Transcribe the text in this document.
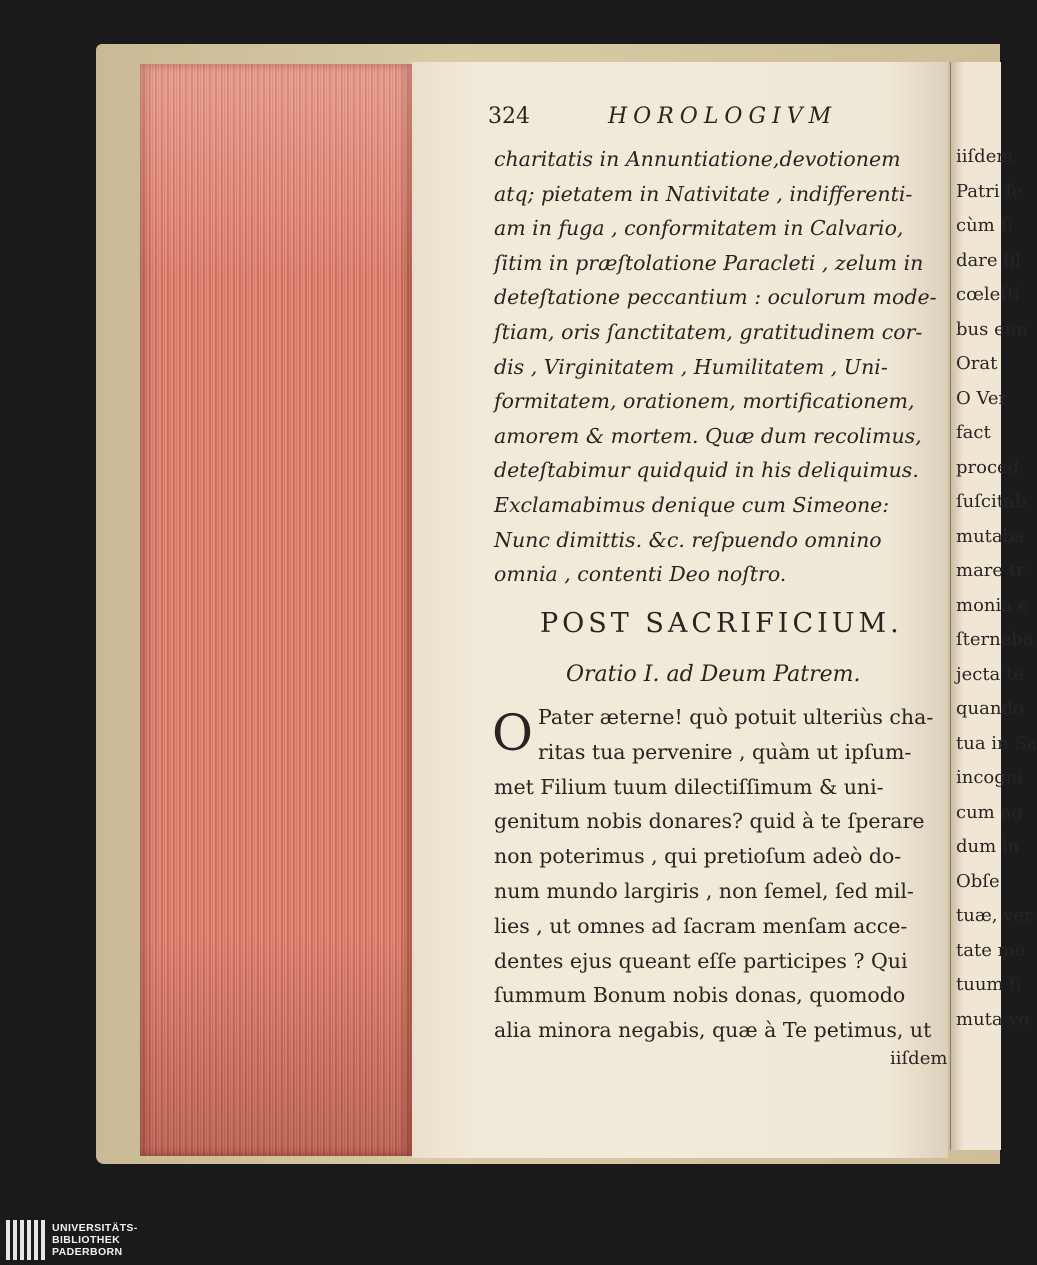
324	HOROLOGIVM
charitatis in Annuntiatione,devotionem
atq; pietatem in Nativitate , indifferenti-
am in fuga , conformitatem in Calvario,
ſitim in præſtolatione Paracleti , zelum in
deteſtatione peccantium : oculorum mode-
ſtiam, oris ſanctitatem, gratitudinem cor-
dis , Virginitatem , Humilitatem , Uni-
formitatem, orationem, mortificationem,
amorem & mortem. Quæ dum recolimus,
deteſtabimur quidquid in his deliquimus.
Exclamabimus denique cum Simeone:
Nunc dimittis. &c. reſpuendo omnino
omnia , contenti Deo noſtro.
POST SACRIFICIUM.
Oratio I. ad Deum Patrem.
O Pater æterne! quò potuit ulteriùs cha-
ritas tua pervenire , quàm ut ipſum-
met Filium tuum dilectiſſimum & uni-
genitum nobis donares? quid à te ſperare
non poterimus , qui pretioſum adeò do-
num mundo largiris , non ſemel, ſed mil-
lies , ut omnes ad ſacram menſam acce-
dentes ejus queant eſſe participes ? Qui
ſummum Bonum nobis donas, quomodo
alia minora negabis, quæ à Te petimus, ut
iiſdem
iiſdem
Patri ſe
cùm ſi
dare fil
cœleſti
bus eun
Orat
O Ver
fact
proced
ſuſcitab
mutaba
mare tr
monia e
ſterneba
jecta te
quando
tua in Sa
incogni
cum ag
dum in
Obſe
tuæ, ver
tate me
tuum ſi
muta vo
UNIVERSITÄTS-
BIBLIOTHEK
PADERBORN
